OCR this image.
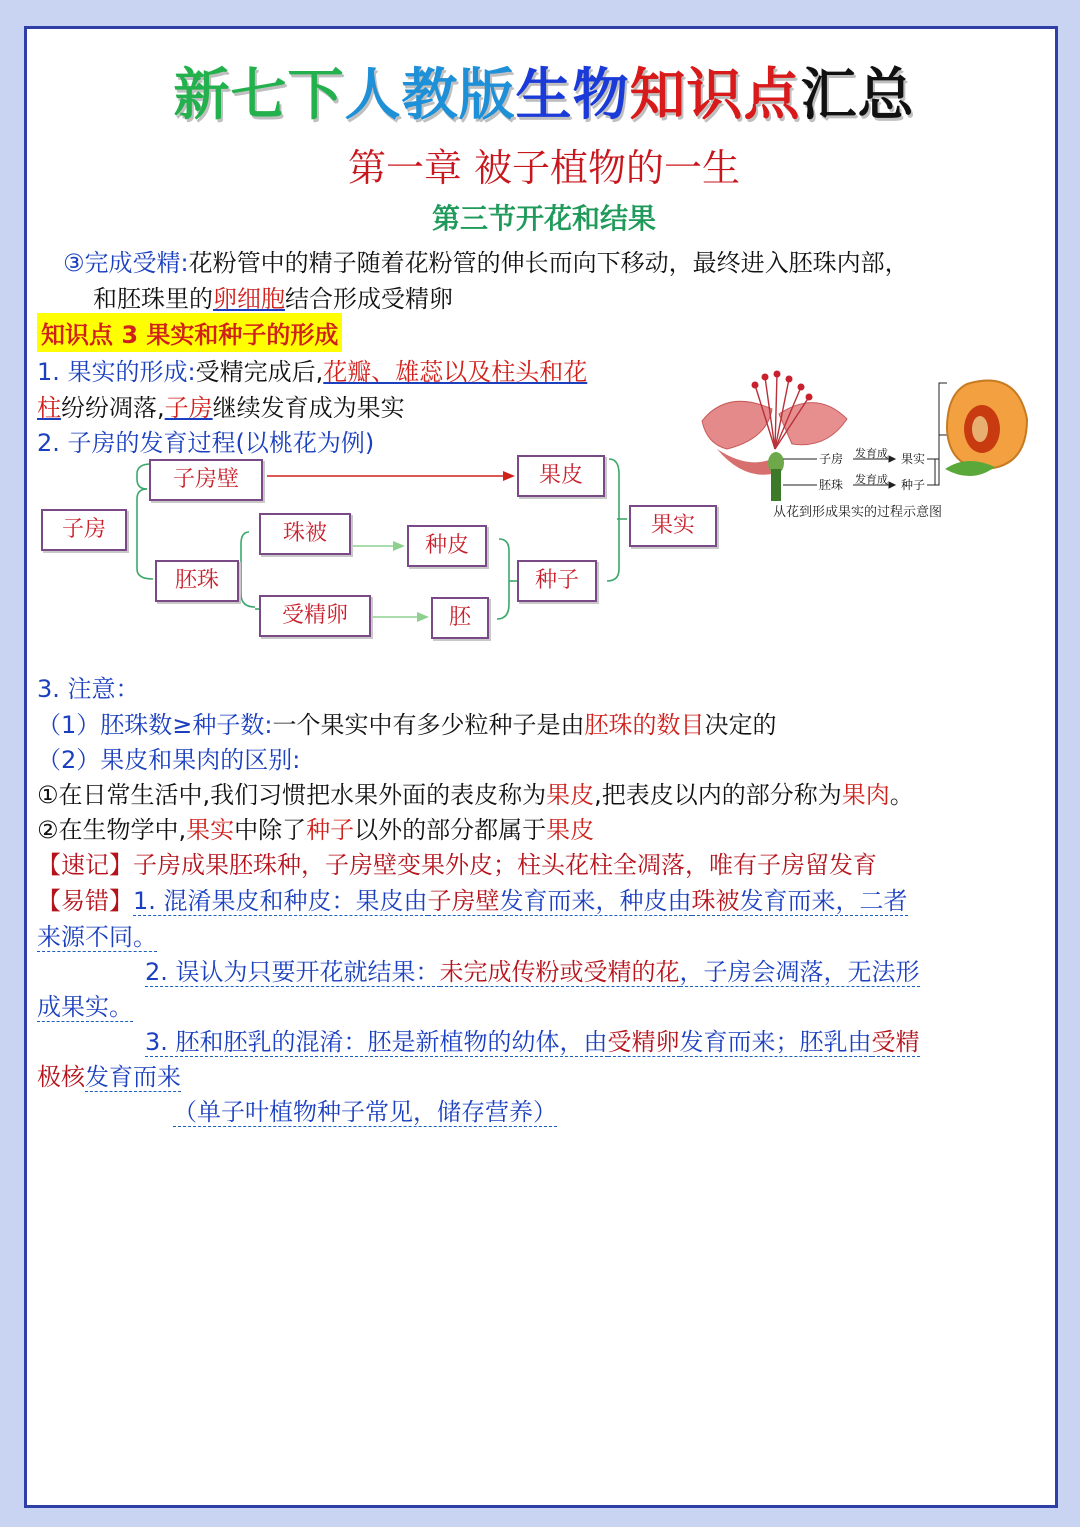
新七下人教版生物知识点汇总
第一章 被子植物的一生
第三节开花和结果
③完成受精:花粉管中的精子随着花粉管的伸长而向下移动，最终进入胚珠内部，
和胚珠里的卵细胞结合形成受精卵
知识点 3 果实和种子的形成
1. 果实的形成:受精完成后,花瓣、雄蕊以及柱头和花
柱纷纷凋落,子房继续发育成为果实
2. 子房的发育过程(以桃花为例)
子房
子房壁	果皮
果实
胚珠
珠被	种皮
种子
受精卵	胚
子房 发育成 果实
胚珠 发育成 种子
从花到形成果实的过程示意图
3. 注意：
（1）胚珠数≥种子数:一个果实中有多少粒种子是由胚珠的数目决定的
（2）果皮和果肉的区别:
①在日常生活中,我们习惯把水果外面的表皮称为果皮,把表皮以内的部分称为果肉。
②在生物学中,果实中除了种子以外的部分都属于果皮
【速记】子房成果胚珠种，子房壁变果外皮；柱头花柱全凋落，唯有子房留发育
【易错】1. 混淆果皮和种皮：果皮由子房壁发育而来，种皮由珠被发育而来，二者
来源不同。
2. 误认为只要开花就结果：未完成传粉或受精的花，子房会凋落，无法形
成果实。
3. 胚和胚乳的混淆：胚是新植物的幼体，由受精卵发育而来；胚乳由受精
极核发育而来
（单子叶植物种子常见，储存营养）
